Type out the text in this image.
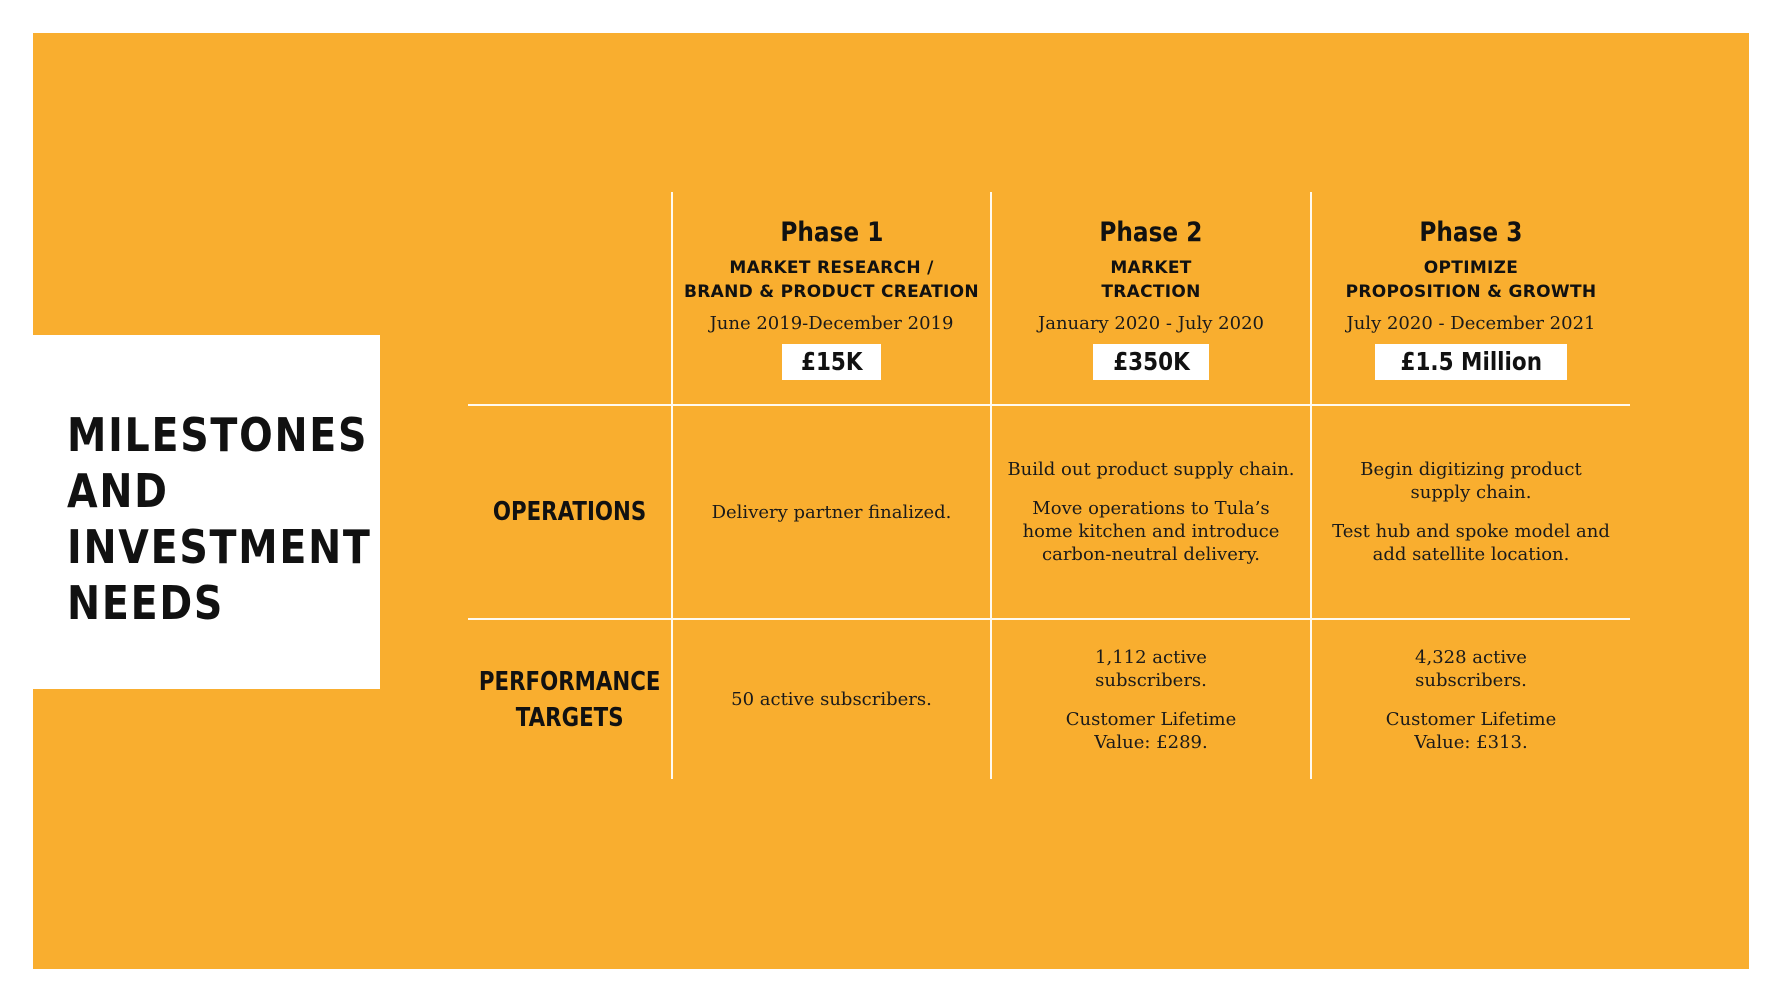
MILESTONES
AND
INVESTMENT
NEEDS
Phase 1
MARKET RESEARCH /
BRAND & PRODUCT CREATION
June 2019-December 2019
£15K
Phase 2
MARKET
TRACTION
January 2020 - July 2020
£350K
Phase 3
OPTIMIZE
PROPOSITION & GROWTH
July 2020 - December 2021
£1.5 Million
OPERATIONS	Delivery partner finalized.
Build out product supply chain.
Move operations to Tula’s
home kitchen and introduce
carbon-neutral delivery.
Begin digitizing product
supply chain.
Test hub and spoke model and
add satellite location.
PERFORMANCE
TARGETS
50 active subscribers.
1,112 active
subscribers.
Customer Lifetime
Value: £289.
4,328 active
subscribers.
Customer Lifetime
Value: £313.
